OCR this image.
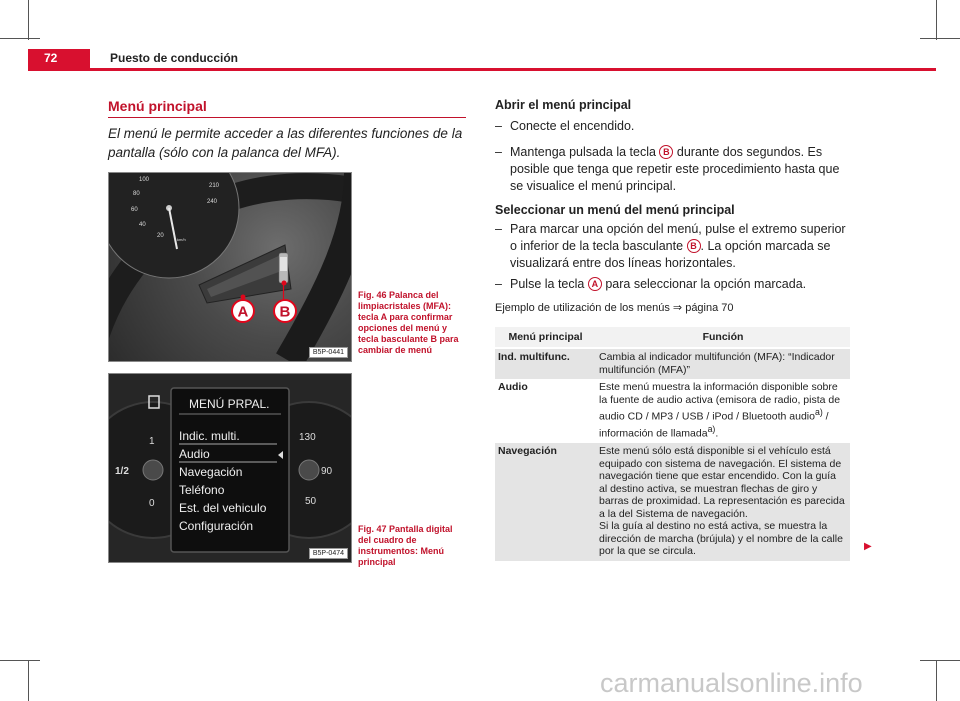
72	Puesto de conducción
Menú principal

El menú le permite acceder a las diferentes funciones de la pantalla (sólo con la palanca del MFA).

100
80
60
40
20
km/h
210
240
A B
B5P-0441

Fig. 46 Palanca del limpiacristales (MFA): tecla A para confirmar opciones del menú y tecla basculante B para cambiar de menú

1
1/2
0
130
90
50
MENÚ PRPAL.
Indic. multi.
Audio
Navegación
Teléfono
Est. del vehiculo
Configuración
B5P-0474

Fig. 47 Pantalla digital del cuadro de instrumentos: Menú principal

Abrir el menú principal

– Conecte el encendido.
– Mantenga pulsada la tecla B durante dos segundos. Es posible que tenga que repetir este procedimiento hasta que se visualice el menú principal.

Seleccionar un menú del menú principal

– Para marcar una opción del menú, pulse el extremo superior o inferior de la tecla basculante B . La opción marcada se visualizará entre dos líneas horizontales.
– Pulse la tecla A para seleccionar la opción marcada.
Ejemplo de utilización de los menús ⇒ página 70
Menú principal	Función
Ind. multifunc.	Cambia al indicador multifunción (MFA): “Indicador multifunción (MFA)”
Audio	Este menú muestra la información disponible sobre la fuente de audio activa (emisora de radio, pista de audio CD / MP3 / USB / iPod / Bluetooth audio$^{a)}$ / información de llamada$^{a)}$.
Navegación	Este menú sólo está disponible si el vehículo está equipado con sistema de navegación. El sistema de navegación tiene que estar encendido. Con la guía al destino activa, se muestran flechas de giro y barras de proximidad. La representación es parecida a la del Sistema de navegación.
Si la guía al destino no está activa, se muestra la dirección de marcha (brújula) y el nombre de la calle por la que se circula.	▶
carmanualsonline.info
